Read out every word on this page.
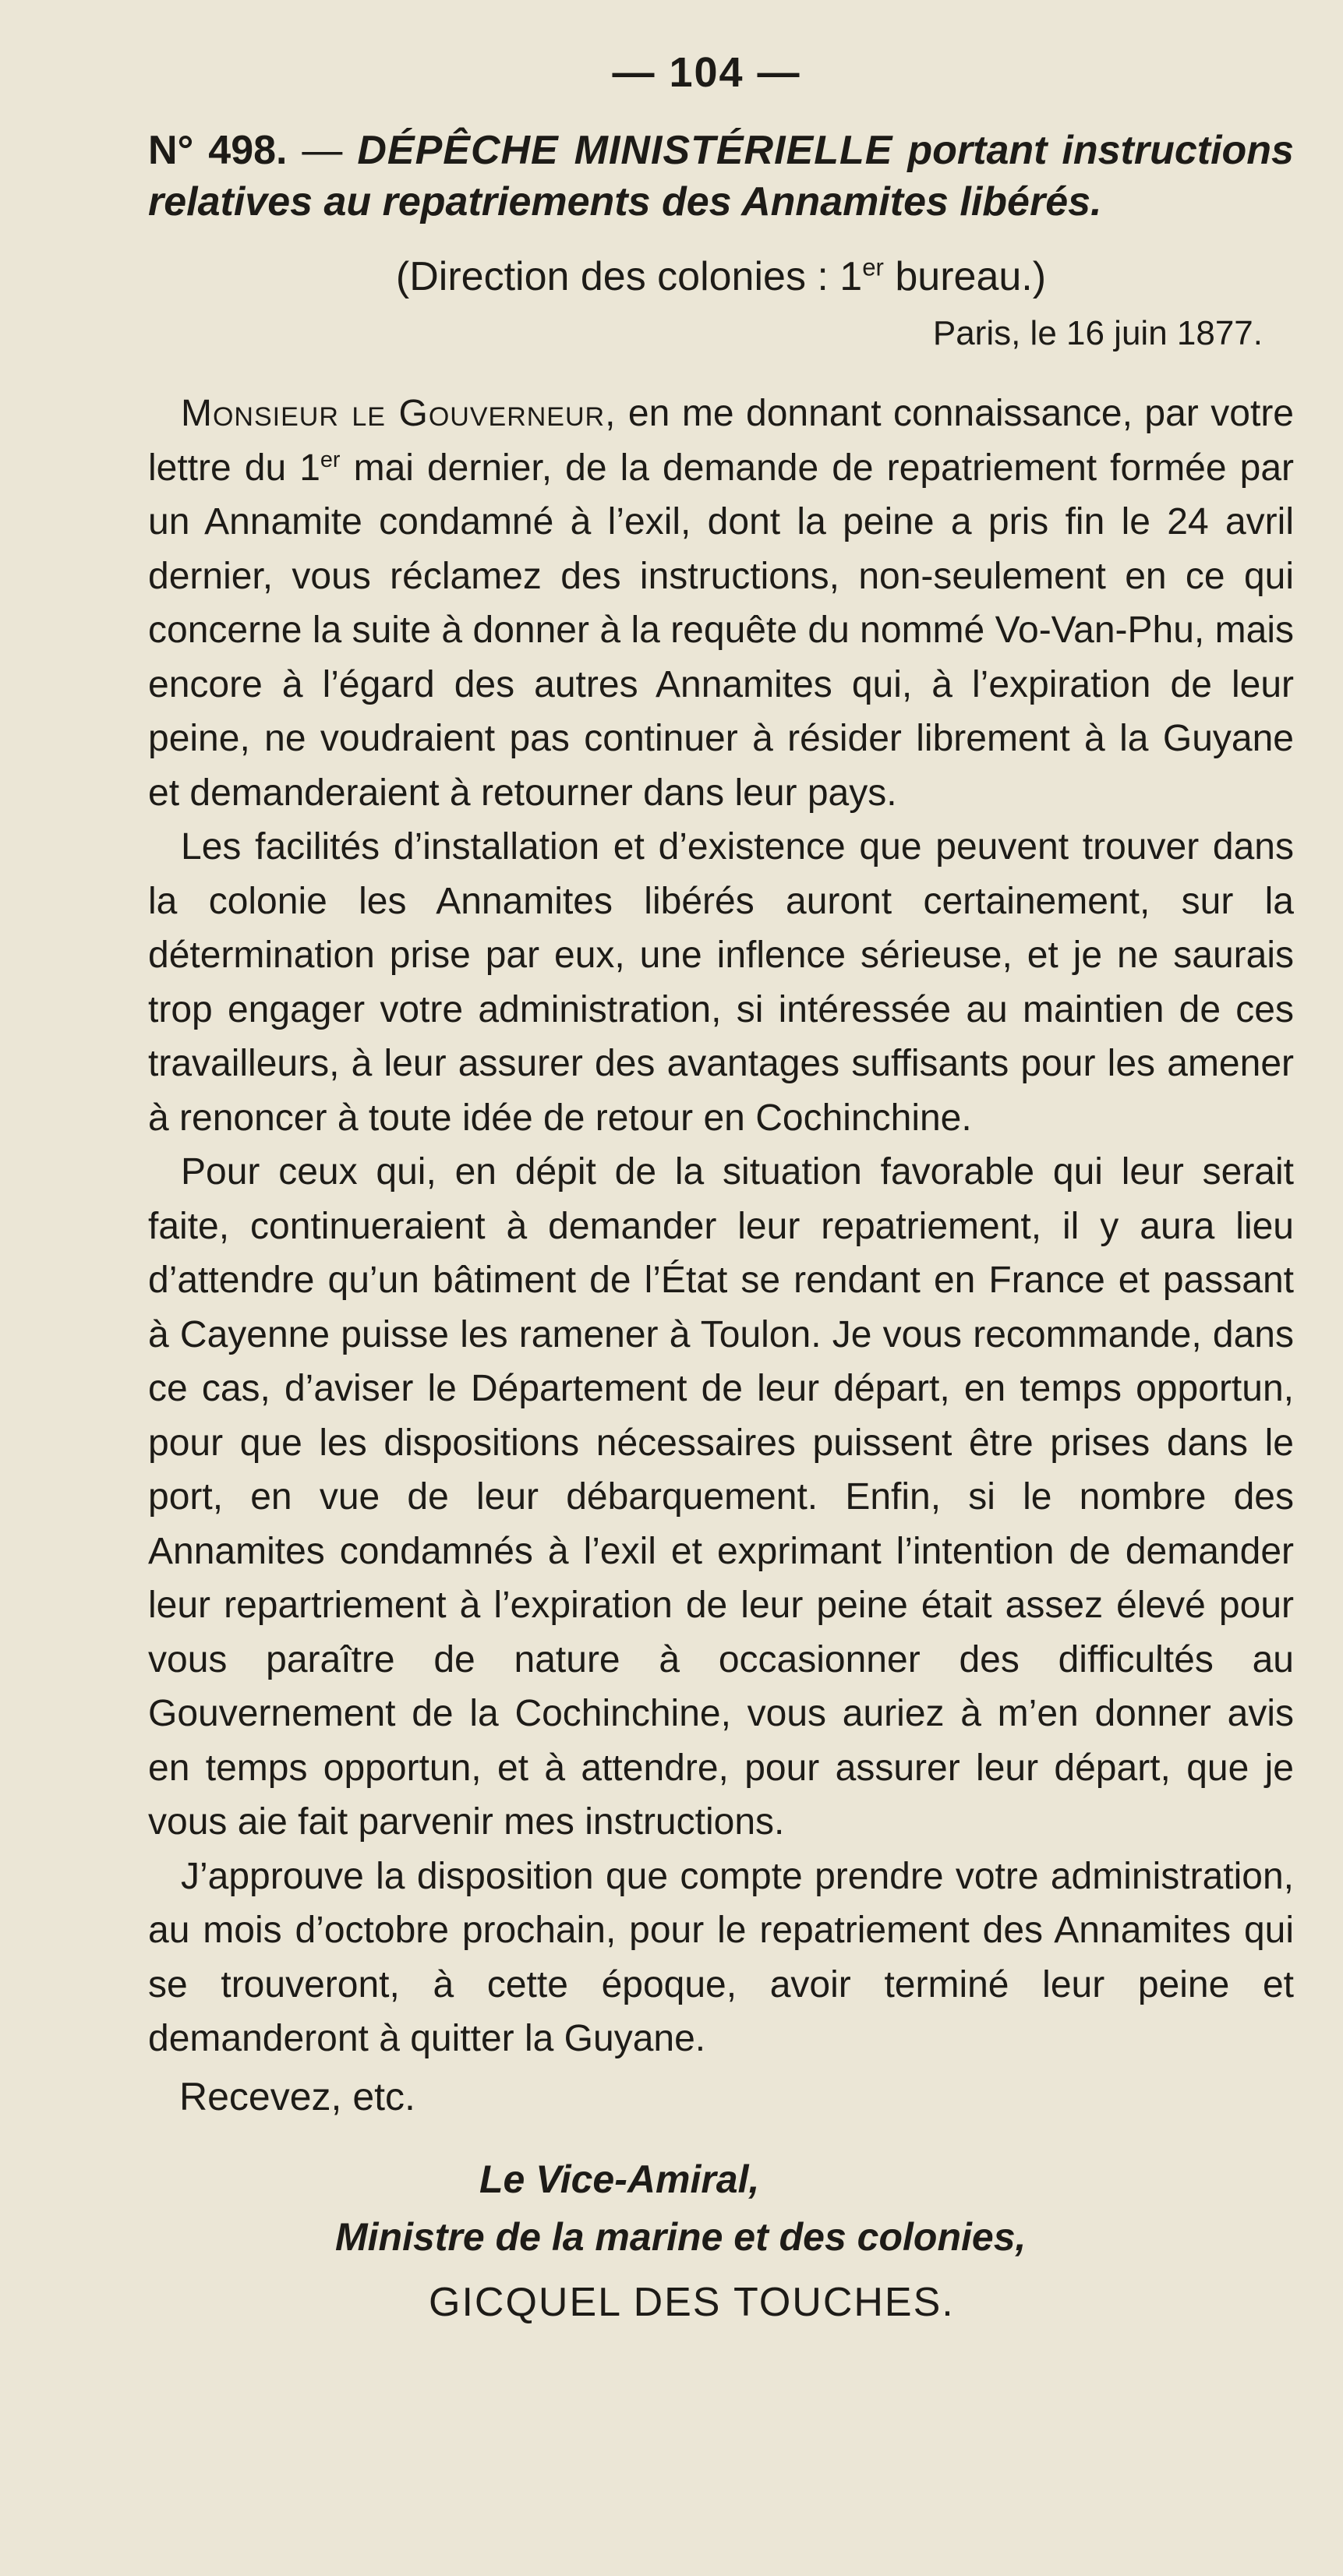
— 104 —

N° 498. — DÉPÊCHE MINISTÉRIELLE portant instructions relatives au repatriements des Annamites libérés.

(Direction des colonies : 1er bureau.)

Paris, le 16 juin 1877.

Monsieur le Gouverneur, en me donnant connaissance, par votre lettre du 1er mai dernier, de la demande de repatriement formée par un Annamite condamné à l’exil, dont la peine a pris fin le 24 avril dernier, vous réclamez des instructions, non-seulement en ce qui concerne la suite à donner à la requête du nommé Vo-Van-Phu, mais encore à l’égard des autres Annamites qui, à l’expiration de leur peine, ne voudraient pas continuer à résider librement à la Guyane et demanderaient à retourner dans leur pays.

Les facilités d’installation et d’existence que peuvent trouver dans la colonie les Annamites libérés auront certainement, sur la détermination prise par eux, une inflence sérieuse, et je ne saurais trop engager votre administration, si intéressée au maintien de ces travailleurs, à leur assurer des avantages suffisants pour les amener à renoncer à toute idée de retour en Cochinchine.

Pour ceux qui, en dépit de la situation favorable qui leur serait faite, continueraient à demander leur repatriement, il y aura lieu d’attendre qu’un bâtiment de l’État se rendant en France et passant à Cayenne puisse les ramener à Toulon. Je vous recommande, dans ce cas, d’aviser le Département de leur départ, en temps opportun, pour que les dispositions nécessaires puissent être prises dans le port, en vue de leur débarquement. Enfin, si le nombre des Annamites condamnés à l’exil et exprimant l’intention de demander leur repartriement à l’expiration de leur peine était assez élevé pour vous paraître de nature à occasionner des difficultés au Gouvernement de la Cochinchine, vous auriez à m’en donner avis en temps opportun, et à attendre, pour assurer leur départ, que je vous aie fait parvenir mes instructions.

J’approuve la disposition que compte prendre votre administration, au mois d’octobre prochain, pour le repatriement des Annamites qui se trouveront, à cette époque, avoir terminé leur peine et demanderont à quitter la Guyane.

Recevez, etc.

Le Vice-Amiral,

Ministre de la marine et des colonies,

GICQUEL DES TOUCHES.
